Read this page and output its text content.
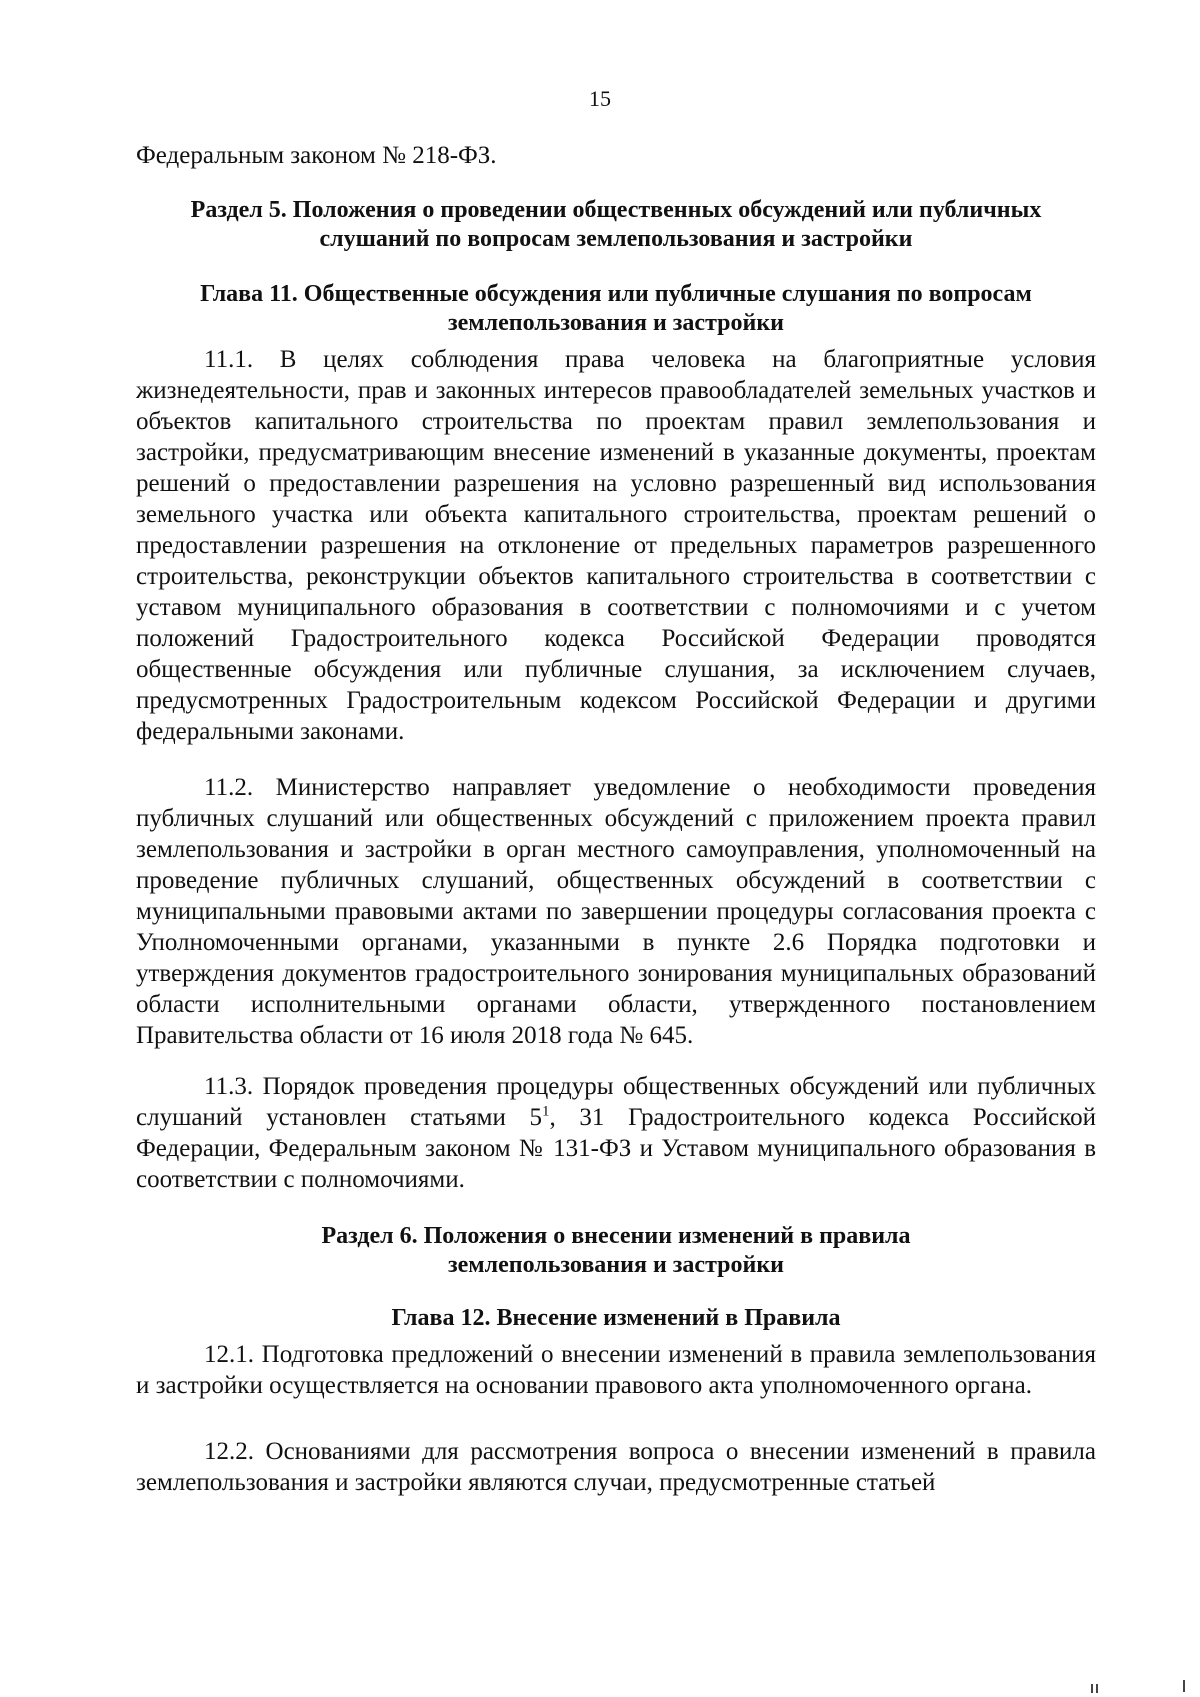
15
Федеральным законом № 218-ФЗ.
Раздел 5. Положения о проведении общественных обсуждений или публичных
слушаний по вопросам землепользования и застройки
Глава 11. Общественные обсуждения или публичные слушания по вопросам
землепользования и застройки
11.1. В целях соблюдения права человека на благоприятные условия жизнедеятельности, прав и законных интересов правообладателей земельных участков и объектов капитального строительства по проектам правил землепользования и застройки, предусматривающим внесение изменений в указанные документы, проектам решений о предоставлении разрешения на условно разрешенный вид использования земельного участка или объекта капитального строительства, проектам решений о предоставлении разрешения на отклонение от предельных параметров разрешенного строительства, реконструкции объектов капитального строительства в соответствии с уставом муниципального образования в соответствии с полномочиями и с учетом положений Градостроительного кодекса Российской Федерации проводятся общественные обсуждения или публичные слушания, за исключением случаев, предусмотренных Градостроительным кодексом Российской Федерации и другими федеральными законами.
11.2. Министерство направляет уведомление о необходимости проведения публичных слушаний или общественных обсуждений с приложением проекта правил землепользования и застройки в орган местного самоуправления, уполномоченный на проведение публичных слушаний, общественных обсуждений в соответствии с муниципальными правовыми актами по завершении процедуры согласования проекта с Уполномоченными органами, указанными в пункте 2.6 Порядка подготовки и утверждения документов градостроительного зонирования муниципальных образований области исполнительными органами области, утвержденного постановлением Правительства области от 16 июля 2018 года № 645.
11.3. Порядок проведения процедуры общественных обсуждений или публичных слушаний установлен статьями $5^1$, 31 Градостроительного кодекса Российской Федерации, Федеральным законом № 131-ФЗ и Уставом муниципального образования в соответствии с полномочиями.
Раздел 6. Положения о внесении изменений в правила
землепользования и застройки
Глава 12. Внесение изменений в Правила
12.1. Подготовка предложений о внесении изменений в правила землепользования и застройки осуществляется на основании правового акта уполномоченного органа.
12.2. Основаниями для рассмотрения вопроса о внесении изменений в правила землепользования и застройки являются случаи, предусмотренные статьей
